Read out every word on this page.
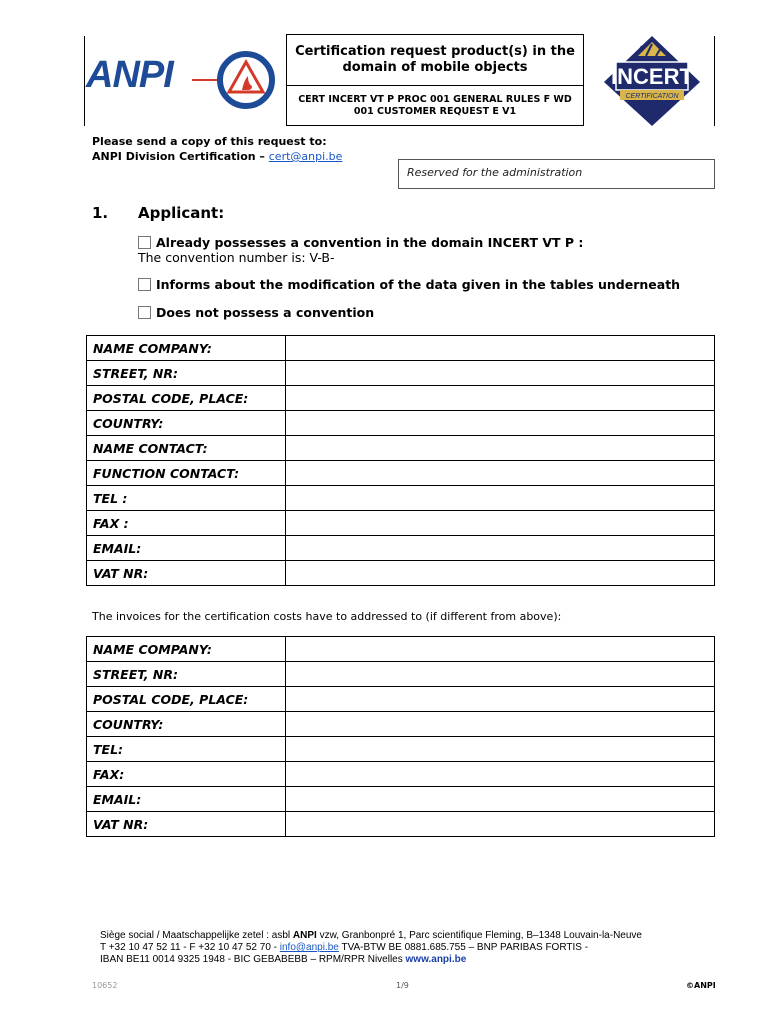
ANPI
Certification request product(s) in the domain of mobile objects
CERT INCERT VT P PROC 001 GENERAL RULES F WD 001 CUSTOMER REQUEST E V1
INCERT
CERTIFICATION
Please send a copy of this request to:
ANPI Division Certification – cert@anpi.be
Reserved for the administration
1. Applicant:
Already possesses a convention in the domain INCERT VT P :
The convention number is: V-B-
Informs about the modification of the data given in the tables underneath
Does not possess a convention
NAME COMPANY:	
STREET, NR:	
POSTAL CODE, PLACE:	
COUNTRY:	
NAME CONTACT:	
FUNCTION CONTACT:	
TEL :	
FAX :	
EMAIL:	
VAT NR:	
The invoices for the certification costs have to addressed to (if different from above):
NAME COMPANY:	
STREET, NR:	
POSTAL CODE, PLACE:	
COUNTRY:	
TEL:	
FAX:	
EMAIL:	
VAT NR:	
Siège social / Maatschappelijke zetel : asbl ANPI vzw, Granbonpré 1, Parc scientifique Fleming, B–1348 Louvain-la-Neuve
T +32 10 47 52 11 - F +32 10 47 52 70 - info@anpi.be TVA-BTW BE 0881.685.755 – BNP PARIBAS FORTIS -
IBAN BE11 0014 9325 1948 - BIC GEBABEBB – RPM/RPR Nivelles www.anpi.be
10652	1/9	©ANPI
